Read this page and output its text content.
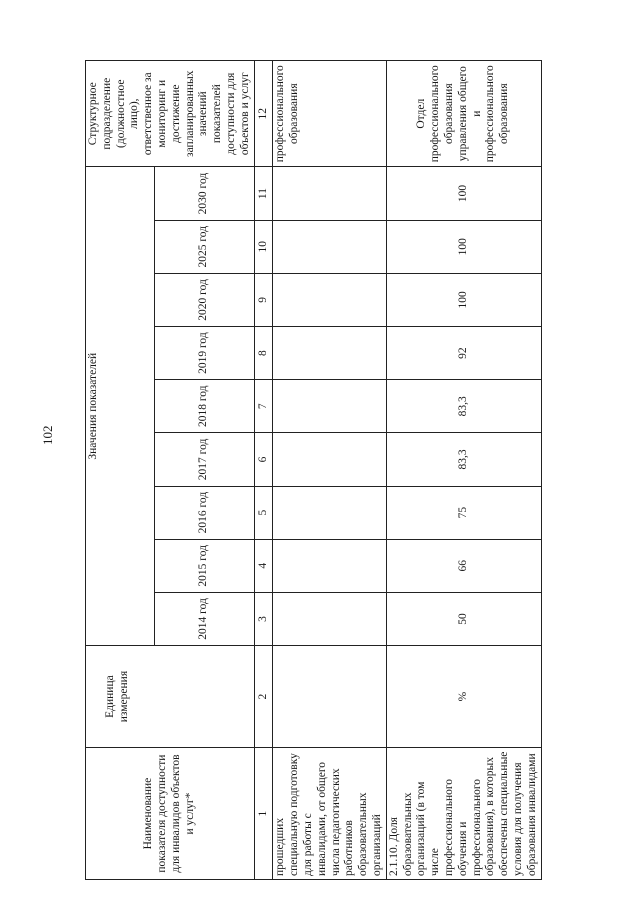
102
Наименование показателя доступности для инвалидов объектов и услуг*	Единица измерения	Значения показателей									Структурное подразделение (должностное лицо), ответственное за мониторинг и достижение запланированных значений показателей доступности для объектов и услуг
		2014 год	2015 год	2016 год	2017 год	2018 год	2019 год	2020 год	2025 год	2030 год	
1	2	3	4	5	6	7	8	9	10	11	12
прошедших специальную подготовку для работы с инвалидами, от общего числа педагогических работников образовательных организаций											профессионального образования
2.1.10. Доля образовательных организаций (в том числе профессионального обучения и профессионального образования), в которых обеспечены специальные условия для получения образования инвалидами	%	50	66	75	83,3	83,3	92	100	100	100	Отдел профессионального образования управления общего и профессионального образования
